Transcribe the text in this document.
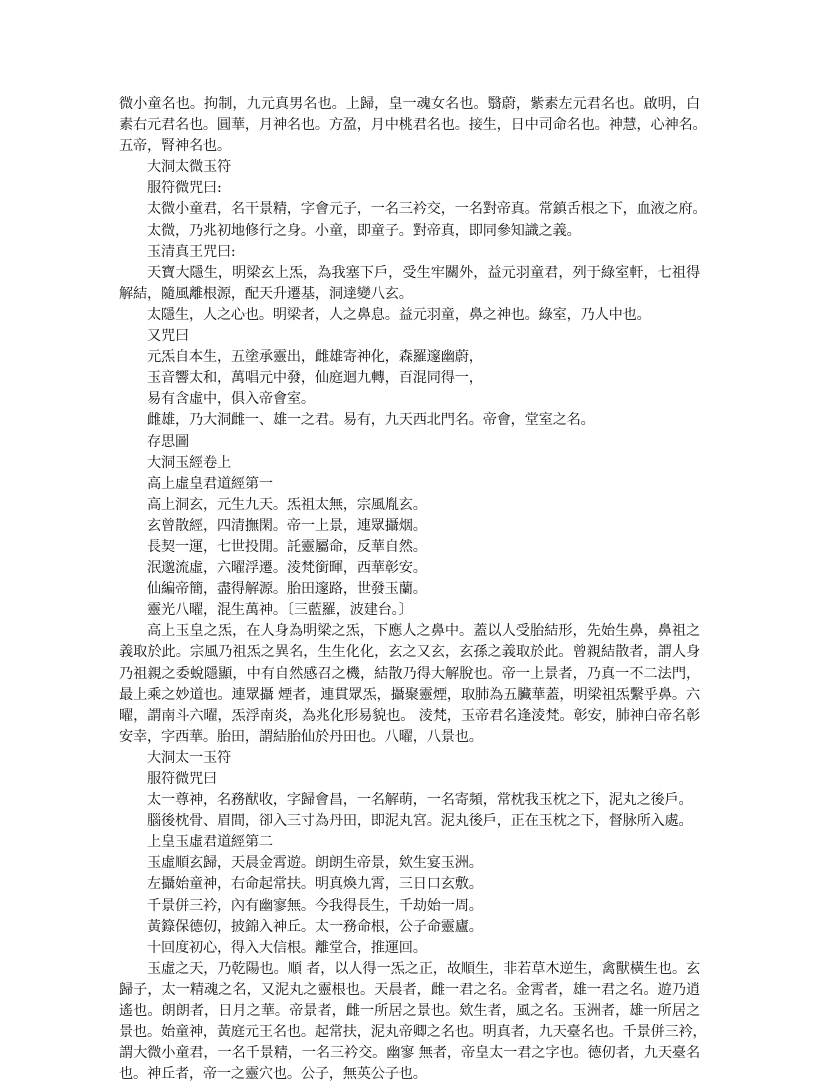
微小童名也。拘制，九元真男名也。上歸，皇一魂女名也。翳蔚，紫素左元君名也。啟明，白
素右元君名也。圓華，月神名也。方盈，月中桃君名也。接生，日中司命名也。神慧，心神名。
五帝，腎神名也。
大洞太微玉符
服符微咒曰:
太微小童君，名干景精，字會元子，一名三衿交，一名對帝真。常鎮舌根之下，血液之府。
太微，乃兆初地修行之身。小童，即童子。對帝真，即同參知識之義。
玉清真王咒曰:
天寶大隱生，明梁玄上炁，為我塞下戶，受生牢關外，益元羽童君，列于綠室軒，七祖得
解結，隨風離根源，配天升遷基，洞達變八玄。
太隱生，人之心也。明梁者，人之鼻息。益元羽童，鼻之神也。綠室，乃人中也。
又咒曰
元炁自本生，五塗承靈出，雌雄寄神化，森羅邃幽蔚，
玉音響太和，萬唱元中發，仙庭迴九轉，百混同得一，
易有含虛中，俱入帝會室。
雌雄，乃大洞雌一、雄一之君。易有，九天西北門名。帝會，堂室之名。
存思圖
大洞玉經卷上
高上虛皇君道經第一
高上洞玄，元生九天。炁祖太無，宗風胤玄。
玄曾散經，四清撫閑。帝一上景，連眾攝烟。
長契一運，七世投閒。託靈屬命，反華自然。
泯邈流虛，六曜浮遷。淩梵銜暉，西華彰安。
仙編帝簡，盡得解源。胎田邃路，世發玉蘭。
靈光八曜，混生萬神。〔三藍羅，波建台。〕
高上玉皇之炁，在人身為明梁之炁，下應人之鼻中。蓋以人受胎結形，先始生鼻，鼻祖之
義取於此。宗風乃祖炁之異名，生生化化，玄之又玄，玄孫之義取於此。曾親結散者，謂人身
乃祖親之委蛻隱顯，中有自然感召之機，結散乃得大解脫也。帝一上景者，乃真一不二法門，
最上乘之妙道也。連眾攝 煙者，連貫眾炁，攝聚靈煙，取肺為五臟華蓋，明梁祖炁繫乎鼻。六
曜，謂南斗六曜，炁浮南炎，為兆化形易貌也。 淩梵，玉帝君名逢淩梵。彰安，肺神白帝名彰
安幸，字西華。胎田，謂結胎仙於丹田也。八曜，八景也。
大洞太一玉符
服符微咒曰
太一尊神，名務猷收，字歸會昌，一名解萌，一名寄頻，常枕我玉枕之下，泥丸之後戶。
腦後枕骨、眉間，卻入三寸為丹田，即泥丸宮。泥丸後戶，正在玉枕之下，督脉所入處。
上皇玉虛君道經第二
玉虛順玄歸，天晨金霄遊。朗朗生帝景，欸生宴玉洲。
左攝始童神，右命起常扶。明真煥九霄，三日口玄敷。
千景併三衿，內有幽寥無。今我得長生，千劫始一周。
黃籙保德仞，披錦入神丘。太一務命根，公子命靈廬。
十回度初心，得入大信根。離堂合，推運回。
玉虛之天，乃乾陽也。順 者，以人得一炁之正，故順生，非若草木逆生，禽獸橫生也。玄
歸子，太一精魂之名，又泥丸之靈根也。天晨者，雌一君之名。金霄者，雄一君之名。遊乃逍
遙也。朗朗者，日月之華。帝景者，雌一所居之景也。欸生者，風之名。玉洲者，雄一所居之
景也。始童神，黃庭元王名也。起常扶，泥丸帝卿之名也。明真者，九天臺名也。千景併三衿，
謂大微小童君，一名千景精，一名三衿交。幽寥 無者，帝皇太一君之字也。德仞者，九天臺名
也。神丘者，帝一之靈穴也。公子，無英公子也。
